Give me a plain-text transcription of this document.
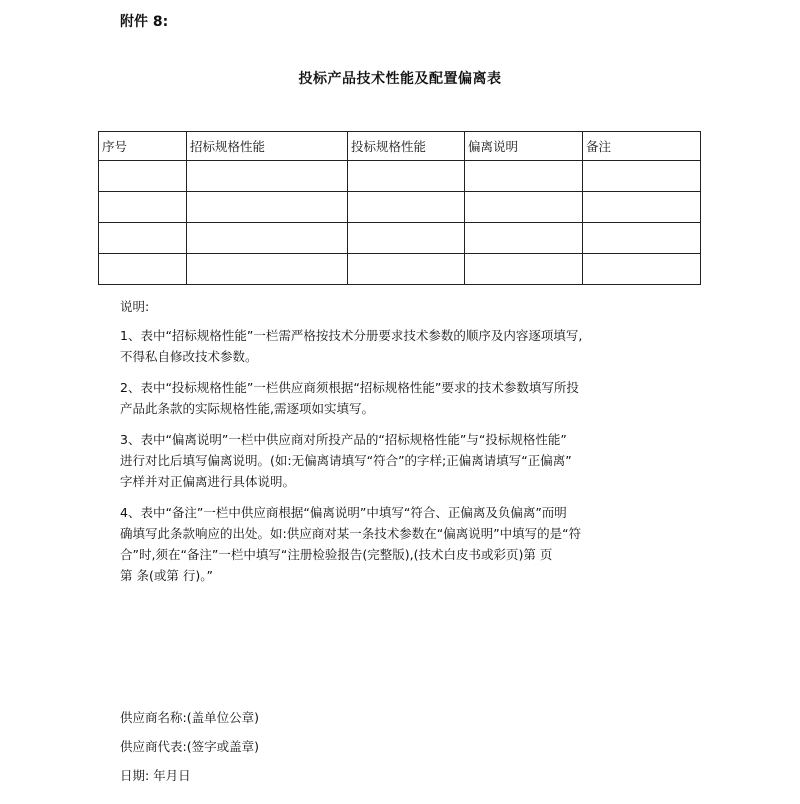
附件 8:
投标产品技术性能及配置偏离表
序号	招标规格性能	投标规格性能	偏离说明	备注

说明:

1、表中“招标规格性能”一栏需严格按技术分册要求技术参数的顺序及内容逐项填写,
不得私自修改技术参数。

2、表中“投标规格性能”一栏供应商须根据“招标规格性能”要求的技术参数填写所投
产品此条款的实际规格性能,需逐项如实填写。

3、表中“偏离说明”一栏中供应商对所投产品的“招标规格性能”与“投标规格性能”
进行对比后填写偏离说明。(如:无偏离请填写“符合”的字样;正偏离请填写“正偏离”
字样并对正偏离进行具体说明。

4、表中“备注”一栏中供应商根据“偏离说明”中填写“符合、正偏离及负偏离”而明
确填写此条款响应的出处。如:供应商对某一条技术参数在“偏离说明”中填写的是“符
合”时,须在“备注”一栏中填写“注册检验报告(完整版),(技术白皮书或彩页)第 页
第 条(或第 行)。”

供应商名称:(盖单位公章)
供应商代表:(签字或盖章)
日期: 年月日
